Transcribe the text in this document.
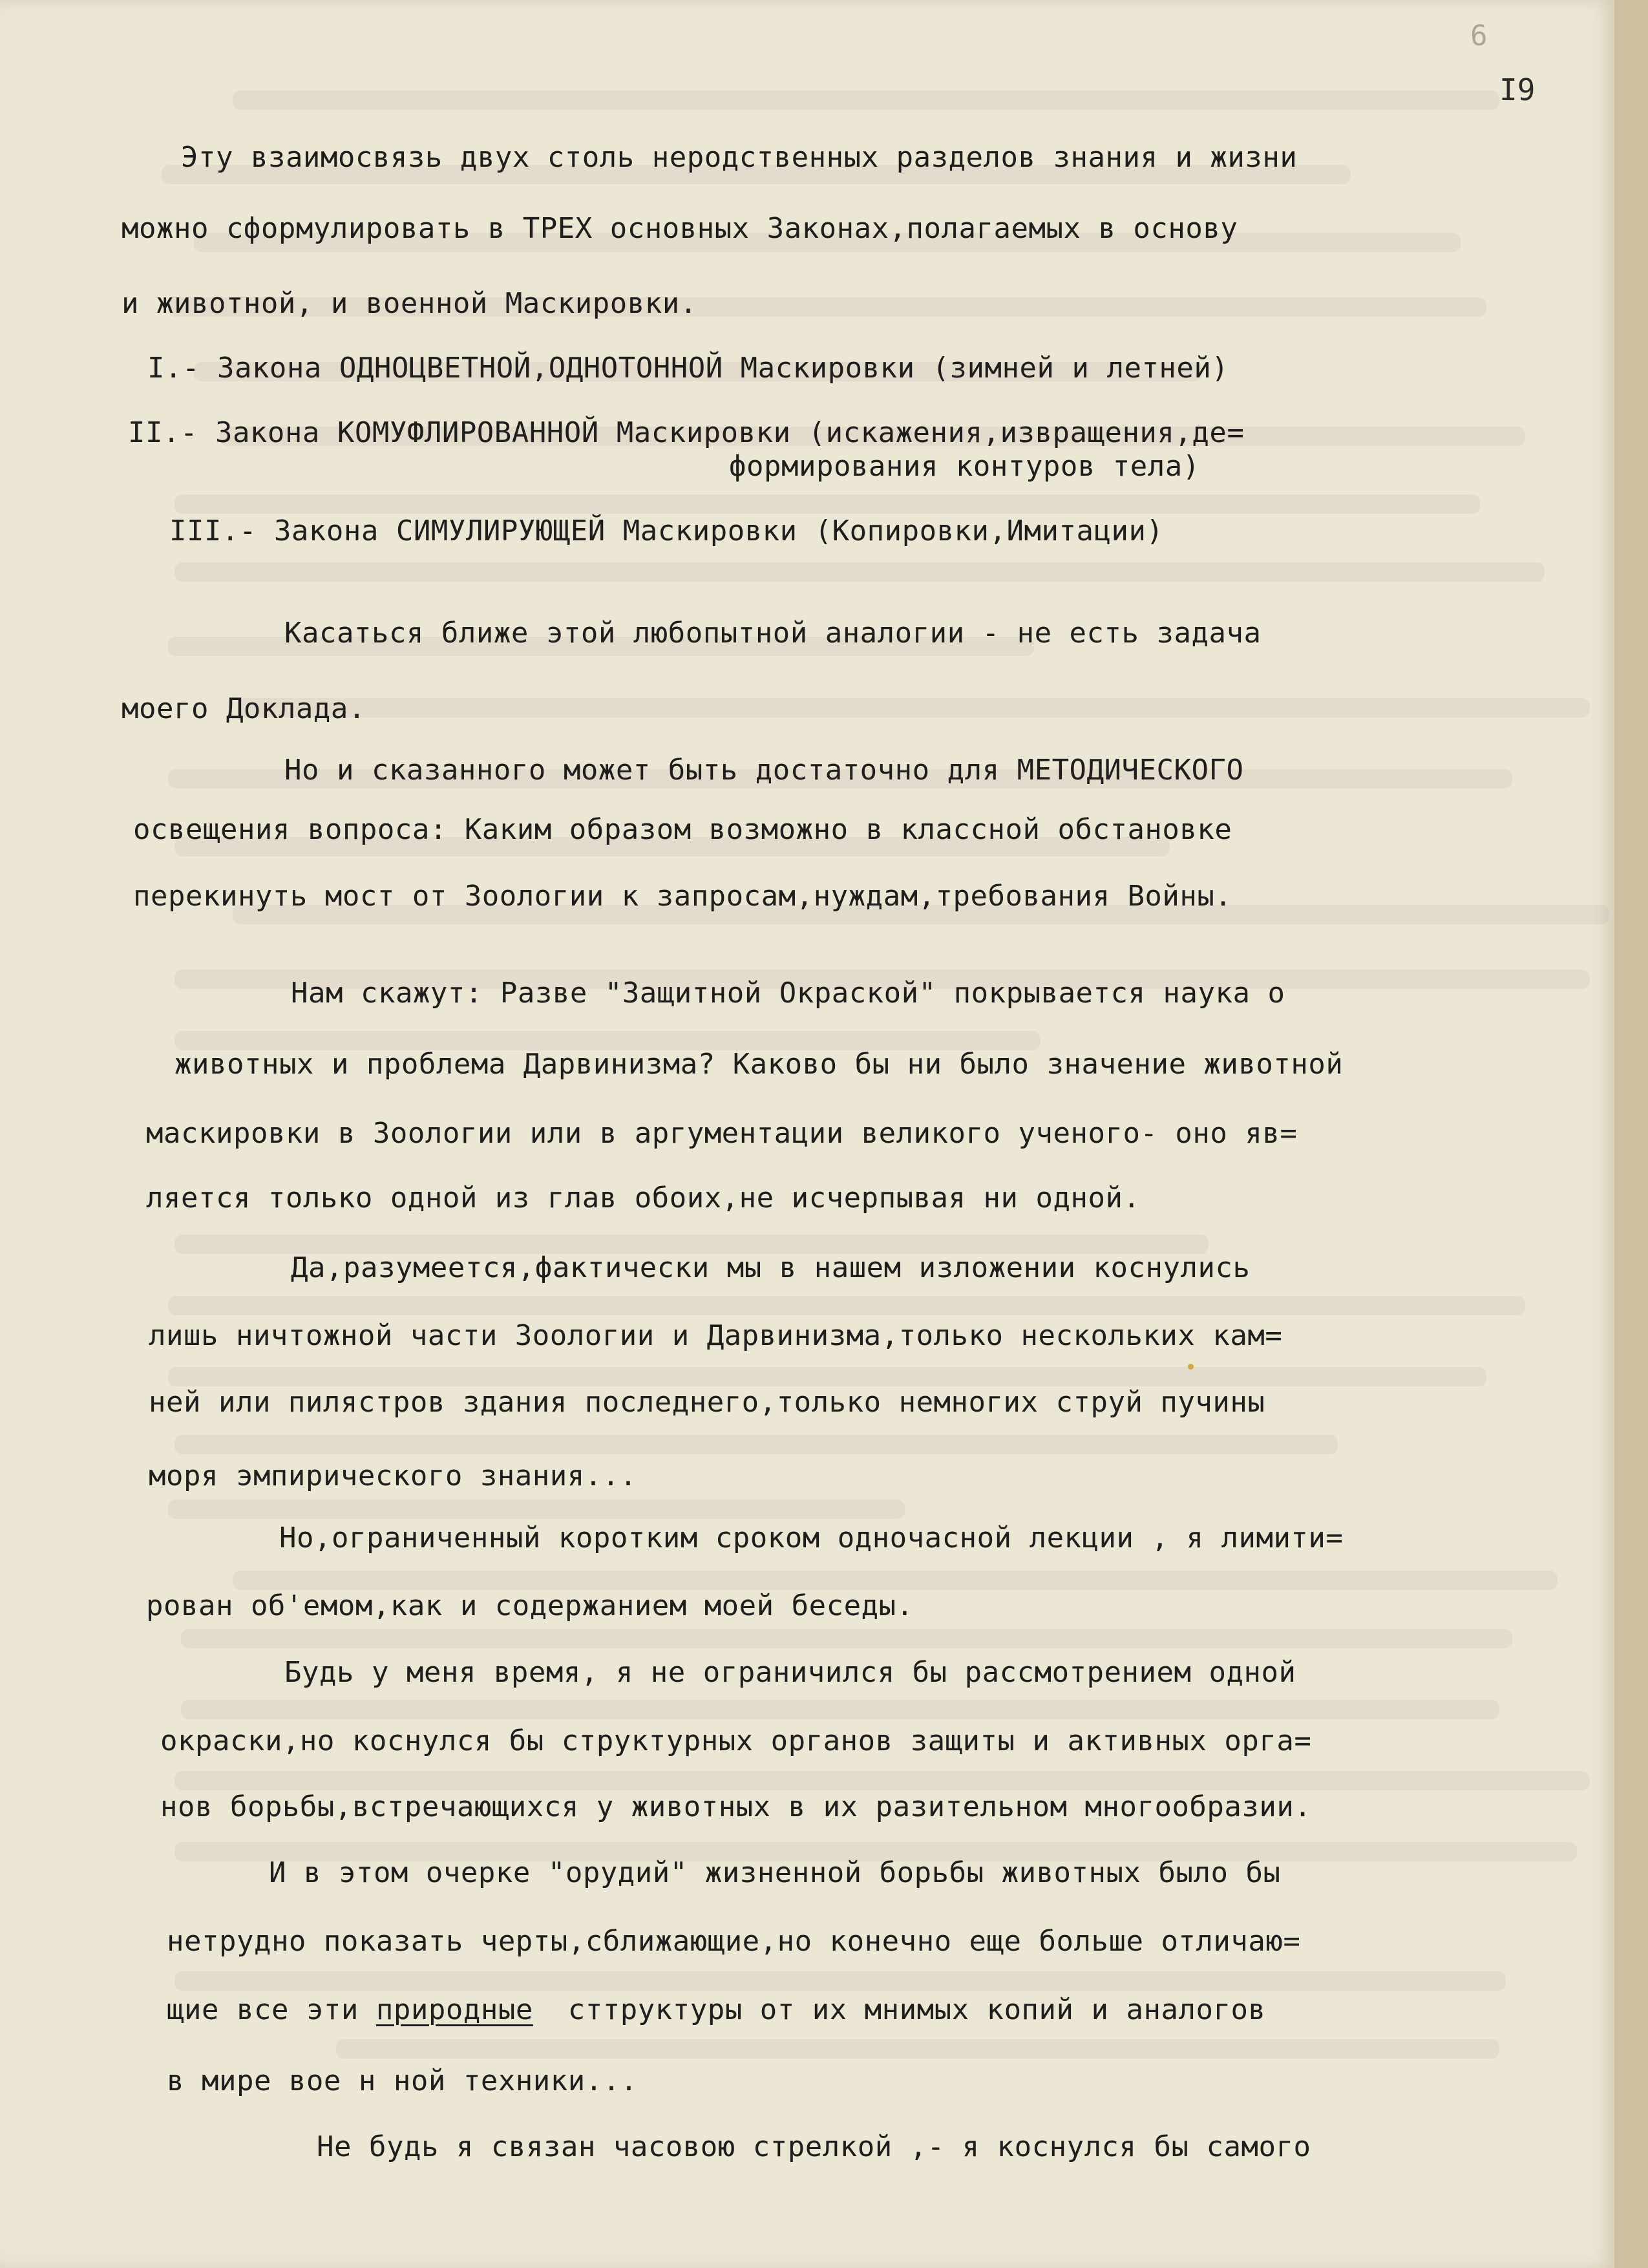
6
I9
Эту взаимосвязь двух столь неродственных разделов знания и жизни
можно сформулировать в ТРЕХ основных Законах,полагаемых в основу
и животной, и военной Маскировки.
I.- Закона ОДНОЦВЕТНОЙ,ОДНОТОННОЙ Маскировки (зимней и летней)
II.- Закона КОМУФЛИРОВАННОЙ Маскировки (искажения,извращения,де=
формирования контуров тела)
III.- Закона СИМУЛИРУЮЩЕЙ Маскировки (Копировки,Имитации)
Касаться ближе этой любопытной аналогии - не есть задача
моего Доклада.
Но и сказанного может быть достаточно для МЕТОДИЧЕСКОГО
освещения вопроса: Каким образом возможно в классной обстановке
перекинуть мост от Зоологии к запросам,нуждам,требования Войны.
Нам скажут: Разве "Защитной Окраской" покрывается наука о
животных и проблема Дарвинизма? Каково бы ни было значение животной
маскировки в Зоологии или в аргументации великого ученого- оно яв=
ляется только одной из глав обоих,не исчерпывая ни одной.
Да,разумеется,фактически мы в нашем изложении коснулись
лишь ничтожной части Зоологии и Дарвинизма,только нескольких кам=
ней или пилястров здания последнего,только немногих струй пучины
моря эмпирического знания...
Но,ограниченный коротким сроком одночасной лекции , я лимити=
рован об'емом,как и содержанием моей беседы.
Будь у меня время, я не ограничился бы рассмотрением одной
окраски,но коснулся бы структурных органов защиты и активных орга=
нов борьбы,встречающихся у животных в их разительном многообразии.
И в этом очерке "орудий" жизненной борьбы животных было бы
нетрудно показать черты,сближающие,но конечно еще больше отличаю=
щие все эти природные сттруктуры от их мнимых копий и аналогов
в мире вое н ной техники...
Не будь я связан часовою стрелкой ,- я коснулся бы самого
